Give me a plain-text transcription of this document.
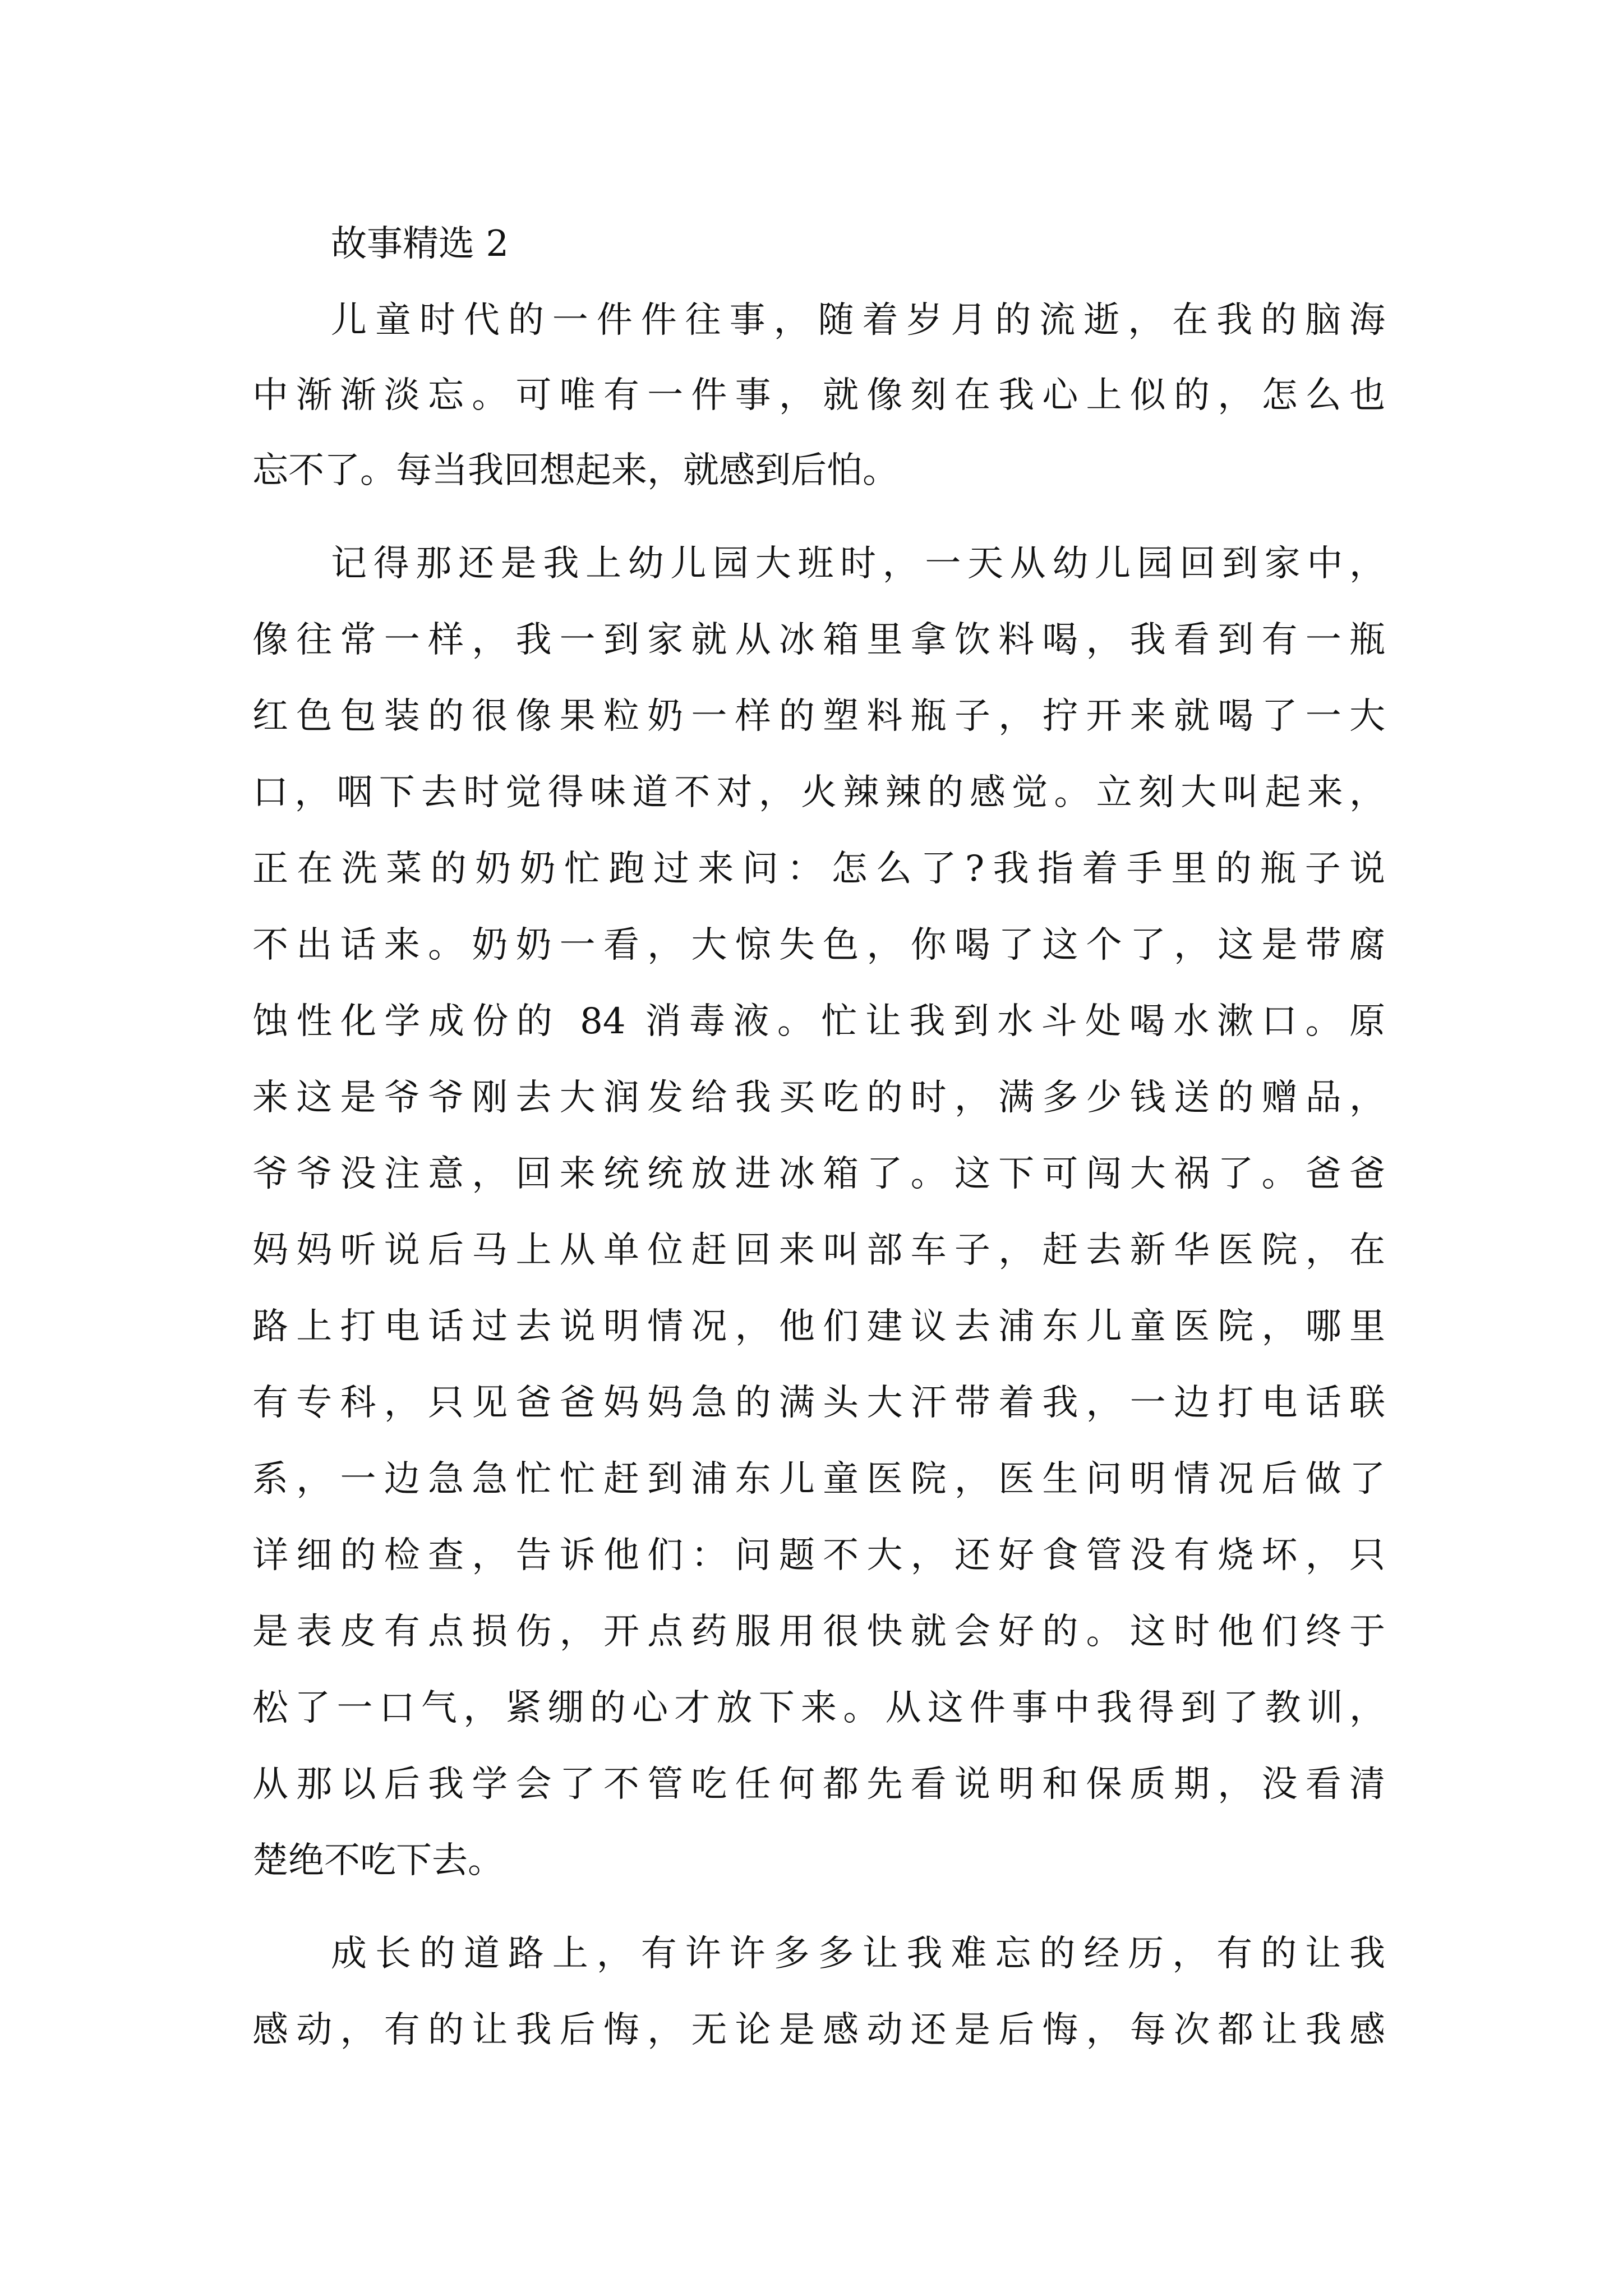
故事精选 2

儿童时代的一件件往事，随着岁月的流逝，在我的脑海

中渐渐淡忘。可唯有一件事，就像刻在我心上似的，怎么也

忘不了。每当我回想起来，就感到后怕。

记得那还是我上幼儿园大班时，一天从幼儿园回到家中，

像往常一样，我一到家就从冰箱里拿饮料喝，我看到有一瓶

红色包装的很像果粒奶一样的塑料瓶子，拧开来就喝了一大

口，咽下去时觉得味道不对，火辣辣的感觉。立刻大叫起来，

正在洗菜的奶奶忙跑过来问：怎么了?我指着手里的瓶子说

不出话来。奶奶一看，大惊失色，你喝了这个了，这是带腐

蚀性化学成份的 84 消毒液。忙让我到水斗处喝水漱口。原

来这是爷爷刚去大润发给我买吃的时，满多少钱送的赠品，

爷爷没注意，回来统统放进冰箱了。这下可闯大祸了。爸爸

妈妈听说后马上从单位赶回来叫部车子，赶去新华医院，在

路上打电话过去说明情况，他们建议去浦东儿童医院，哪里

有专科，只见爸爸妈妈急的满头大汗带着我，一边打电话联

系，一边急急忙忙赶到浦东儿童医院，医生问明情况后做了

详细的检查，告诉他们：问题不大，还好食管没有烧坏，只

是表皮有点损伤，开点药服用很快就会好的。这时他们终于

松了一口气，紧绷的心才放下来。从这件事中我得到了教训，

从那以后我学会了不管吃任何都先看说明和保质期，没看清

楚绝不吃下去。

成长的道路上，有许许多多让我难忘的经历，有的让我

感动，有的让我后悔，无论是感动还是后悔，每次都让我感
